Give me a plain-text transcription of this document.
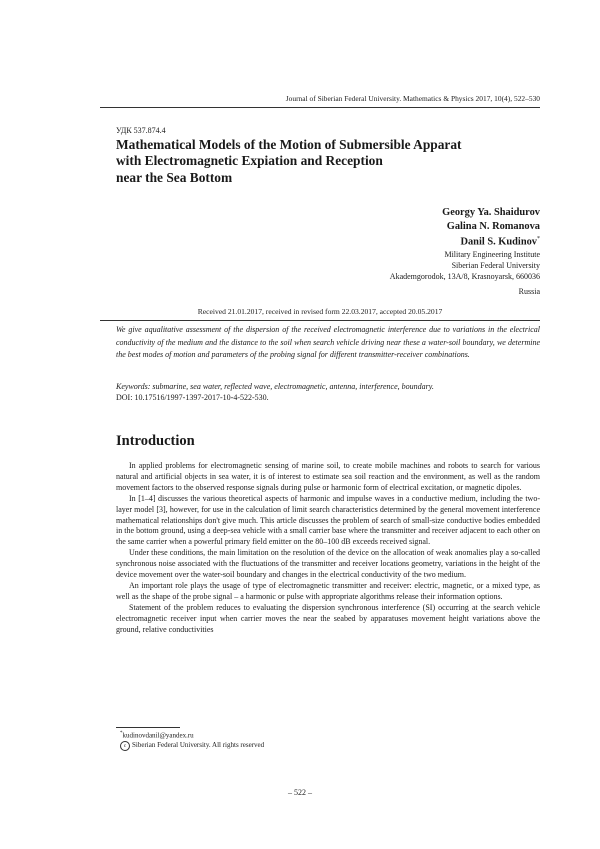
Journal of Siberian Federal University. Mathematics & Physics 2017, 10(4), 522–530
УДК 537.874.4
Mathematical Models of the Motion of Submersible Apparat
with Electromagnetic Expiation and Reception
near the Sea Bottom
Georgy Ya. Shaidurov
Galina N. Romanova
Danil S. Kudinov*
Military Engineering Institute
Siberian Federal University
Akademgorodok, 13A/8, Krasnoyarsk, 660036
Russia
Received 21.01.2017, received in revised form 22.03.2017, accepted 20.05.2017

We give aqualitative assessment of the dispersion of the received electromagnetic interference due to variations in the electrical conductivity of the medium and the distance to the soil when search vehicle driving near these a water-soil boundary, we determine the best modes of motion and parameters of the probing signal for different transmitter-receiver combinations.

Keywords: submarine, sea water, reflected wave, electromagnetic, antenna, interference, boundary.
DOI: 10.17516/1997-1397-2017-10-4-522-530.
Introduction

In applied problems for electromagnetic sensing of marine soil, to create mobile machines and robots to search for various natural and artificial objects in sea water, it is of interest to estimate sea soil reaction and the environment, as well as the random movement factors to the observed response signals during pulse or harmonic form of electrical excitation, or magnetic dipoles.

In [1–4] discusses the various theoretical aspects of harmonic and impulse waves in a conductive medium, including the two-layer model [3], however, for use in the calculation of limit search characteristics determined by the general movement interference mathematical relationships don't give much. This article discusses the problem of search of small-size conductive bodies embedded in the bottom ground, using a deep-sea vehicle with a small carrier base where the transmitter and receiver adjacent to each other on the same carrier when a powerful primary field emitter on the 80–100 dB exceeds received signal.

Under these conditions, the main limitation on the resolution of the device on the allocation of weak anomalies play a so-called synchronous noise associated with the fluctuations of the transmitter and receiver locations geometry, variations in the height of the device movement over the water-soil boundary and changes in the electrical conductivity of the two medium.

An important role plays the usage of type of electromagnetic transmitter and receiver: electric, magnetic, or a mixed type, as well as the shape of the probe signal – a harmonic or pulse with appropriate algorithms release their information options.

Statement of the problem reduces to evaluating the dispersion synchronous interference (SI) occurring at the search vehicle electromagnetic receiver input when carrier moves the near the seabed by apparatuses movement height variations above the ground, relative conductivities

*kudinovdanil@yandex.ru
c Siberian Federal University. All rights reserved
– 522 –
